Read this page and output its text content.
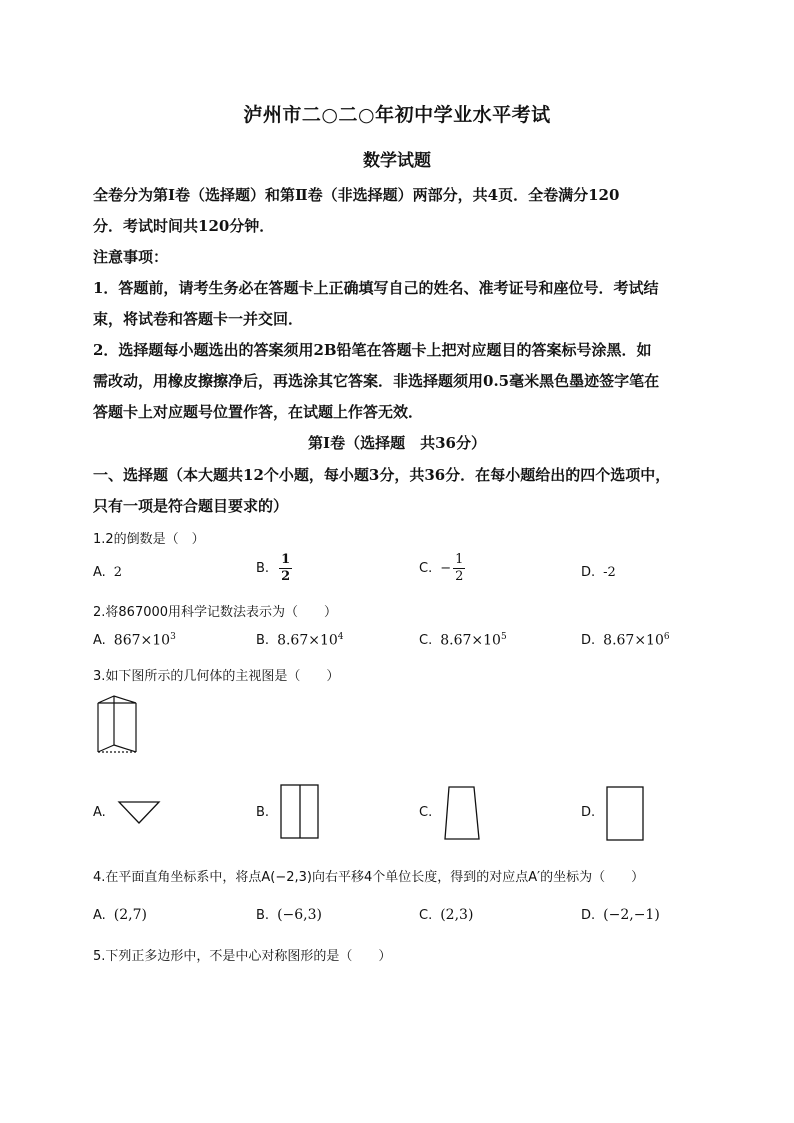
泸州市二○二○年初中学业水平考试
数学试题
全卷分为第Ⅰ卷（选择题）和第Ⅱ卷（非选择题）两部分，共4页．全卷满分120
分．考试时间共120分钟．
注意事项：
1．答题前，请考生务必在答题卡上正确填写自己的姓名、准考证号和座位号．考试结
束，将试卷和答题卡一并交回．
2．选择题每小题选出的答案须用2B铅笔在答题卡上把对应题目的答案标号涂黑．如
需改动，用橡皮擦擦净后，再选涂其它答案．非选择题须用0.5毫米黑色墨迹签字笔在
答题卡上对应题号位置作答，在试题上作答无效．
第Ⅰ卷（选择题　共36分）
一、选择题（本大题共12个小题，每小题3分，共36分．在每小题给出的四个选项中，
只有一项是符合题目要求的）
1.2的倒数是（　）
A. 2	B. $\frac{1}{2}$	C. − $\frac{1}{2}$	D. -2
2.将867000用科学记数法表示为（　　）
A. $867\times 10^3$	B. $8.67\times 10^4$	C. $8.67\times 10^5$	D. $8.67\times 10^6$
3.如下图所示的几何体的主视图是（　　）
A.	B.	C.	D.
4.在平面直角坐标系中，将点A(−2,3)向右平移4个单位长度，得到的对应点A′的坐标为（　　）
A. (2,7)	B. (−6,3)	C. (2,3)	D. (−2,−1)
5.下列正多边形中，不是中心对称图形的是（　　）
